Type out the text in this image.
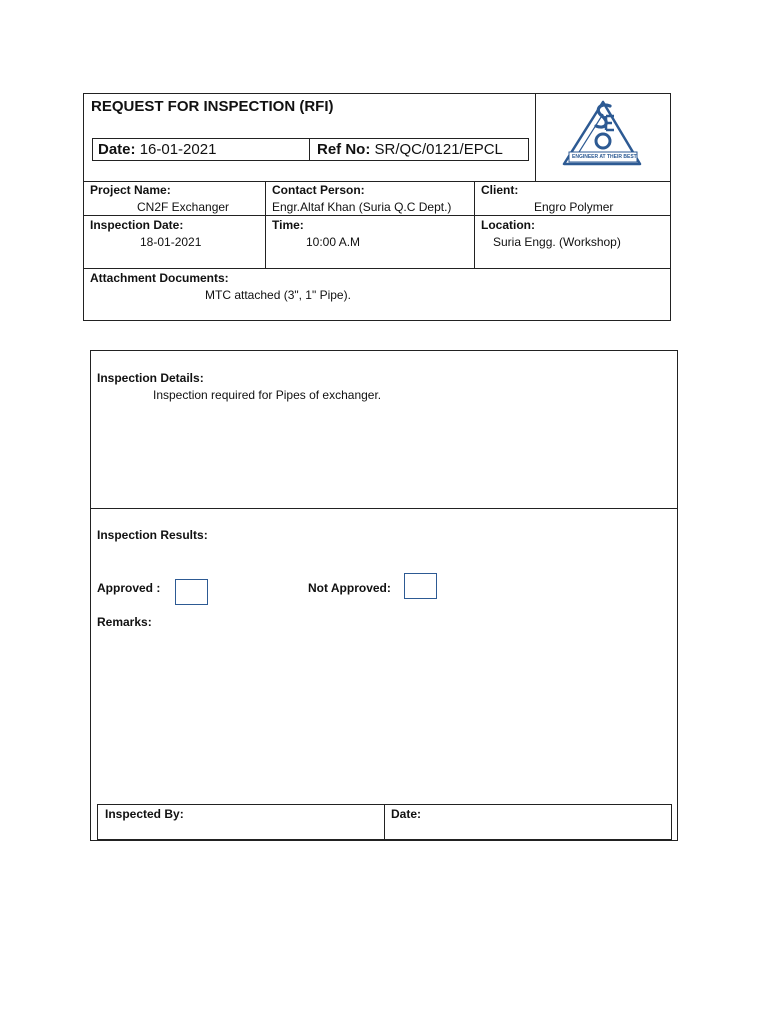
REQUEST FOR INSPECTION (RFI)
Date: 16-01-2021	Ref No: SR/QC/0121/EPCL	ENGINEER AT THEIR BEST
Project Name:
CN2F Exchanger
Contact Person:
Engr.Altaf Khan (Suria Q.C Dept.)
Client:
Engro Polymer
Inspection Date:
18-01-2021
Time:
10:00 A.M
Location:
Suria Engg. (Workshop)
Attachment Documents:
MTC attached (3", 1" Pipe).
Inspection Details:
Inspection required for Pipes of exchanger.
Inspection Results:
Approved :	Not Approved:
Remarks:
Inspected By:	Date:
